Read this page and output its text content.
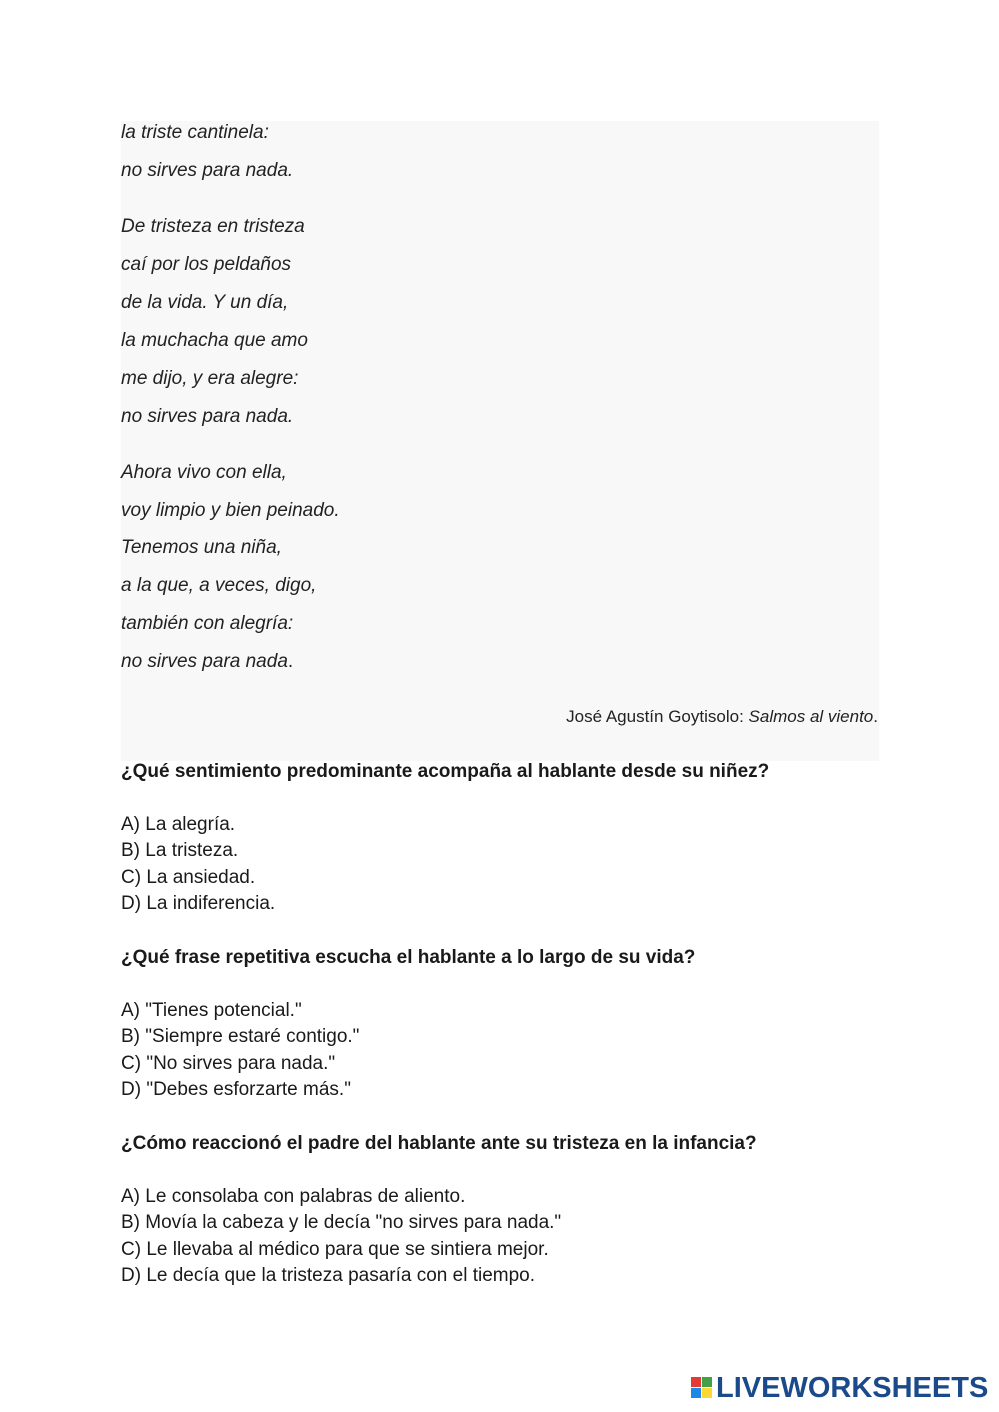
la triste cantinela:
no sirves para nada.
De tristeza en tristeza
caí por los peldaños
de la vida. Y un día,
la muchacha que amo
me dijo, y era alegre:
no sirves para nada.
Ahora vivo con ella,
voy limpio y bien peinado.
Tenemos una niña,
a la que, a veces, digo,
también con alegría:
no sirves para nada.
José Agustín Goytisolo: Salmos al viento.
¿Qué sentimiento predominante acompaña al hablante desde su niñez?
A) La alegría.
B) La tristeza.
C) La ansiedad.
D) La indiferencia.
¿Qué frase repetitiva escucha el hablante a lo largo de su vida?
A) "Tienes potencial."
B) "Siempre estaré contigo."
C) "No sirves para nada."
D) "Debes esforzarte más."
¿Cómo reaccionó el padre del hablante ante su tristeza en la infancia?
A) Le consolaba con palabras de aliento.
B) Movía la cabeza y le decía "no sirves para nada."
C) Le llevaba al médico para que se sintiera mejor.
D) Le decía que la tristeza pasaría con el tiempo.
LIVEWORKSHEETS
